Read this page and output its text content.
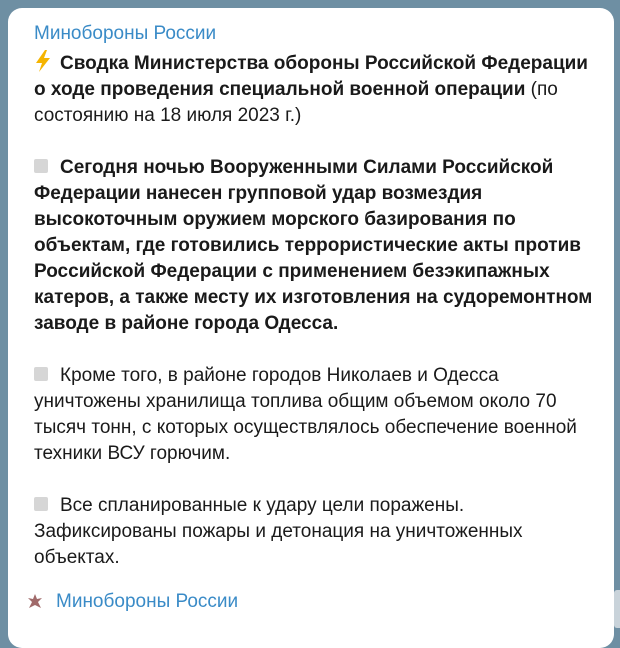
Минобороны России

Сводка Министерства обороны Российской Федерации о ходе проведения специальной военной операции (по состоянию на 18 июля 2023 г.)

Сегодня ночью Вооруженными Силами Российской Федерации нанесен групповой удар возмездия высокоточным оружием морского базирования по объектам, где готовились террористические акты против Российской Федерации с применением безэкипажных катеров, а также месту их изготовления на судоремонтном заводе в районе города Одесса.

Кроме того, в районе городов Николаев и Одесса уничтожены хранилища топлива общим объемом около 70 тысяч тонн, с которых осуществлялось обеспечение военной техники ВСУ горючим.

Все спланированные к удару цели поражены. Зафиксированы пожары и детонация на уничтоженных объектах.

Минобороны России
